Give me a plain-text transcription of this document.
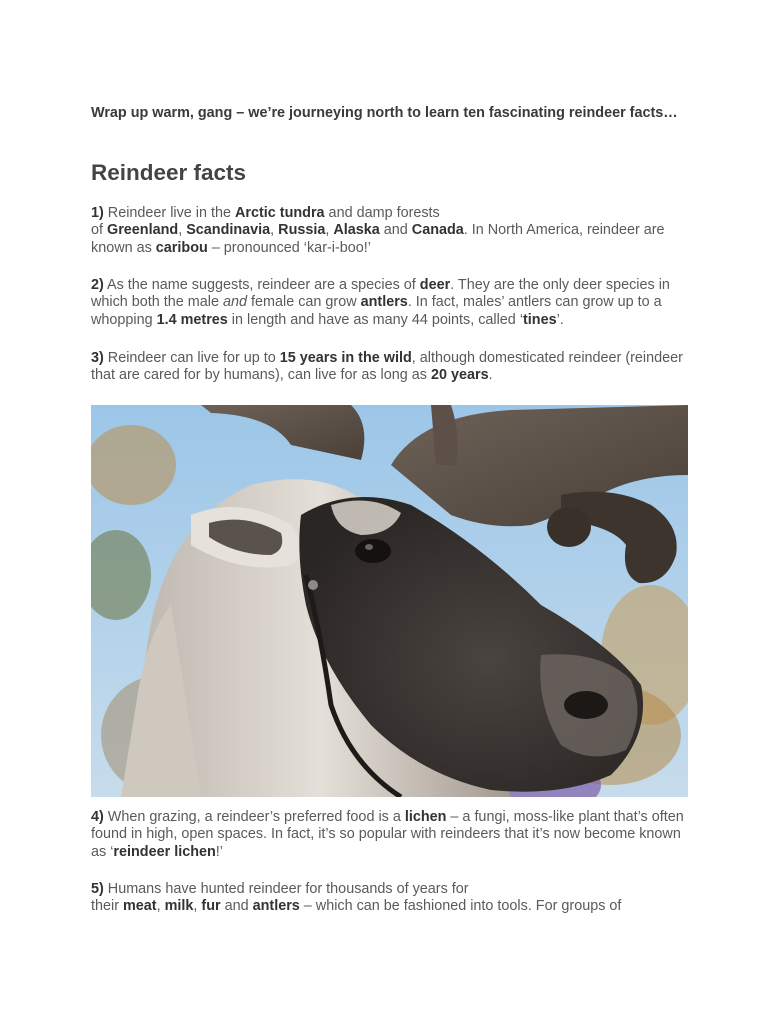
Wrap up warm, gang – we’re journeying north to learn ten fascinating reindeer facts…

Reindeer facts

1) Reindeer live in the Arctic tundra and damp forests
of Greenland, Scandinavia, Russia, Alaska and Canada. In North America, reindeer are known as caribou – pronounced ‘kar-i-boo!’

2) As the name suggests, reindeer are a species of deer. They are the only deer species in which both the male and female can grow antlers. In fact, males’ antlers can grow up to a whopping 1.4 metres in length and have as many 44 points, called ‘tines’.

3) Reindeer can live for up to 15 years in the wild, although domesticated reindeer (reindeer that are cared for by humans), can live for as long as 20 years.

4) When grazing, a reindeer’s preferred food is a lichen – a fungi, moss-like plant that’s often found in high, open spaces. In fact, it’s so popular with reindeers that it’s now become known as ‘reindeer lichen!’

5) Humans have hunted reindeer for thousands of years for
their meat, milk, fur and antlers – which can be fashioned into tools. For groups of
